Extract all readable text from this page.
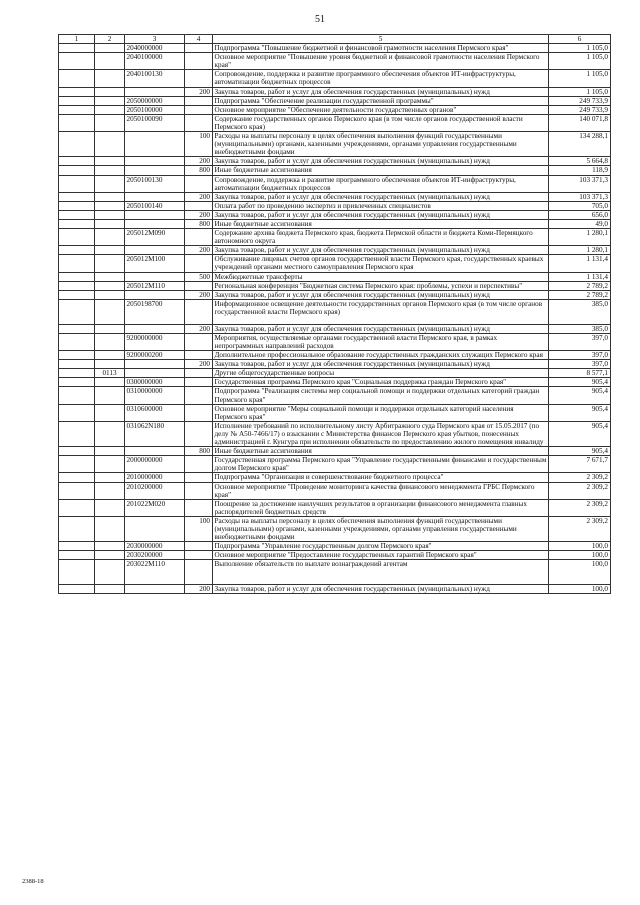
51
1	2	3	4	5	6
		2040000000		Подпрограмма "Повышение бюджетной и финансовой грамотности населения Пермского края"	1 105,0
		2040100000		Основное мероприятие "Повышение уровня бюджетной и финансовой грамотности населения Пермского края"	1 105,0
		2040100130		Сопровождение, поддержка и развитие программного обеспечения объектов ИТ-инфраструктуры, автоматизации бюджетных процессов	1 105,0
			200	Закупка товаров, работ и услуг для обеспечения государственных (муниципальных) нужд	1 105,0
		2050000000		Подпрограмма "Обеспечение реализации государственной программы"	249 733,9
		2050100000		Основное мероприятие "Обеспечение деятельности государственных органов"	249 733,9
		2050100090		Содержание государственных органов Пермского края (в том числе органов государственной власти Пермского края)	140 071,8
			100	Расходы на выплаты персоналу в целях обеспечения выполнения функций государственными (муниципальными) органами, казенными учреждениями, органами управления государственными внебюджетными фондами	134 288,1
			200	Закупка товаров, работ и услуг для обеспечения государственных (муниципальных) нужд	5 664,8
			800	Иные бюджетные ассигнования	118,9
		2050100130		Сопровождение, поддержка и развитие программного обеспечения объектов ИТ-инфраструктуры, автоматизации бюджетных процессов	103 371,3
			200	Закупка товаров, работ и услуг для обеспечения государственных (муниципальных) нужд	103 371,3
		2050100140		Оплата работ по проведению экспертиз и привлеченных специалистов	705,0
			200	Закупка товаров, работ и услуг для обеспечения государственных (муниципальных) нужд	656,0
			800	Иные бюджетные ассигнования	49,0
		205012М090		Содержание архива бюджета Пермского края, бюджета Пермской области и бюджета Коми-Пермяцкого автономного округа	1 280,1
			200	Закупка товаров, работ и услуг для обеспечения государственных (муниципальных) нужд	1 280,1
		205012М100		Обслуживание лицевых счетов органов государственной власти Пермского края, государственных краевых учреждений органами местного самоуправления Пермского края	1 131,4
			500	Межбюджетные трансферты	1 131,4
		205012М110		Региональная конференция "Бюджетная система Пермского края: проблемы, успехи и перспективы"	2 789,2
			200	Закупка товаров, работ и услуг для обеспечения государственных (муниципальных) нужд	2 789,2
		2050198700		Информационное освещение деятельности государственных органов Пермского края (в том числе органов государственной власти Пермского края)	385,0
			200	Закупка товаров, работ и услуг для обеспечения государственных (муниципальных) нужд	385,0
		9200000000		Мероприятия, осуществляемые органами государственной власти Пермского края, в рамках непрограммных направлений расходов	397,0
		9200000200		Дополнительное профессиональное образование государственных гражданских служащих Пермского края	397,0
			200	Закупка товаров, работ и услуг для обеспечения государственных (муниципальных) нужд	397,0
	0113			Другие общегосударственные вопросы	8 577,1
		0300000000		Государственная программа Пермского края "Социальная поддержка граждан Пермского края"	905,4
		0310000000		Подпрограмма "Реализация системы мер социальной помощи и поддержки отдельных категорий граждан Пермского края"	905,4
		0310600000		Основное мероприятие "Меры социальной помощи и поддержки отдельных категорий населения Пермского края"	905,4
		031062N180		Исполнение требований по исполнительному листу Арбитражного суда Пермского края от 15.05.2017 (по делу № А50-7466/17) о взыскании с Министерства финансов Пермского края убытков, понесенных администрацией г. Кунгура при исполнении обязательств по предоставлению жилого помещения инвалиду	905,4
			800	Иные бюджетные ассигнования	905,4
		2000000000		Государственная программа Пермского края "Управление государственными финансами и государственным долгом Пермского края"	7 671,7
		2010000000		Подпрограмма "Организация и совершенствование бюджетного процесса"	2 309,2
		2010200000		Основное мероприятие "Проведение мониторинга качества финансового менеджмента ГРБС Пермского края"	2 309,2
		201022М020		Поощрение за достижение наилучших результатов в организации финансового менеджмента главных распорядителей бюджетных средств	2 309,2
			100	Расходы на выплаты персоналу в целях обеспечения выполнения функций государственными (муниципальными) органами, казенными учреждениями, органами управления государственными внебюджетными фондами	2 309,2
		2030000000		Подпрограмма "Управление государственным долгом Пермского края"	100,0
		2030200000		Основное мероприятие "Предоставление государственных гарантий Пермского края"	100,0
		203022М110		Выполнение обязательств по выплате вознаграждений агентам	100,0
			200	Закупка товаров, работ и услуг для обеспечения государственных (муниципальных) нужд	100,0
2388-18
